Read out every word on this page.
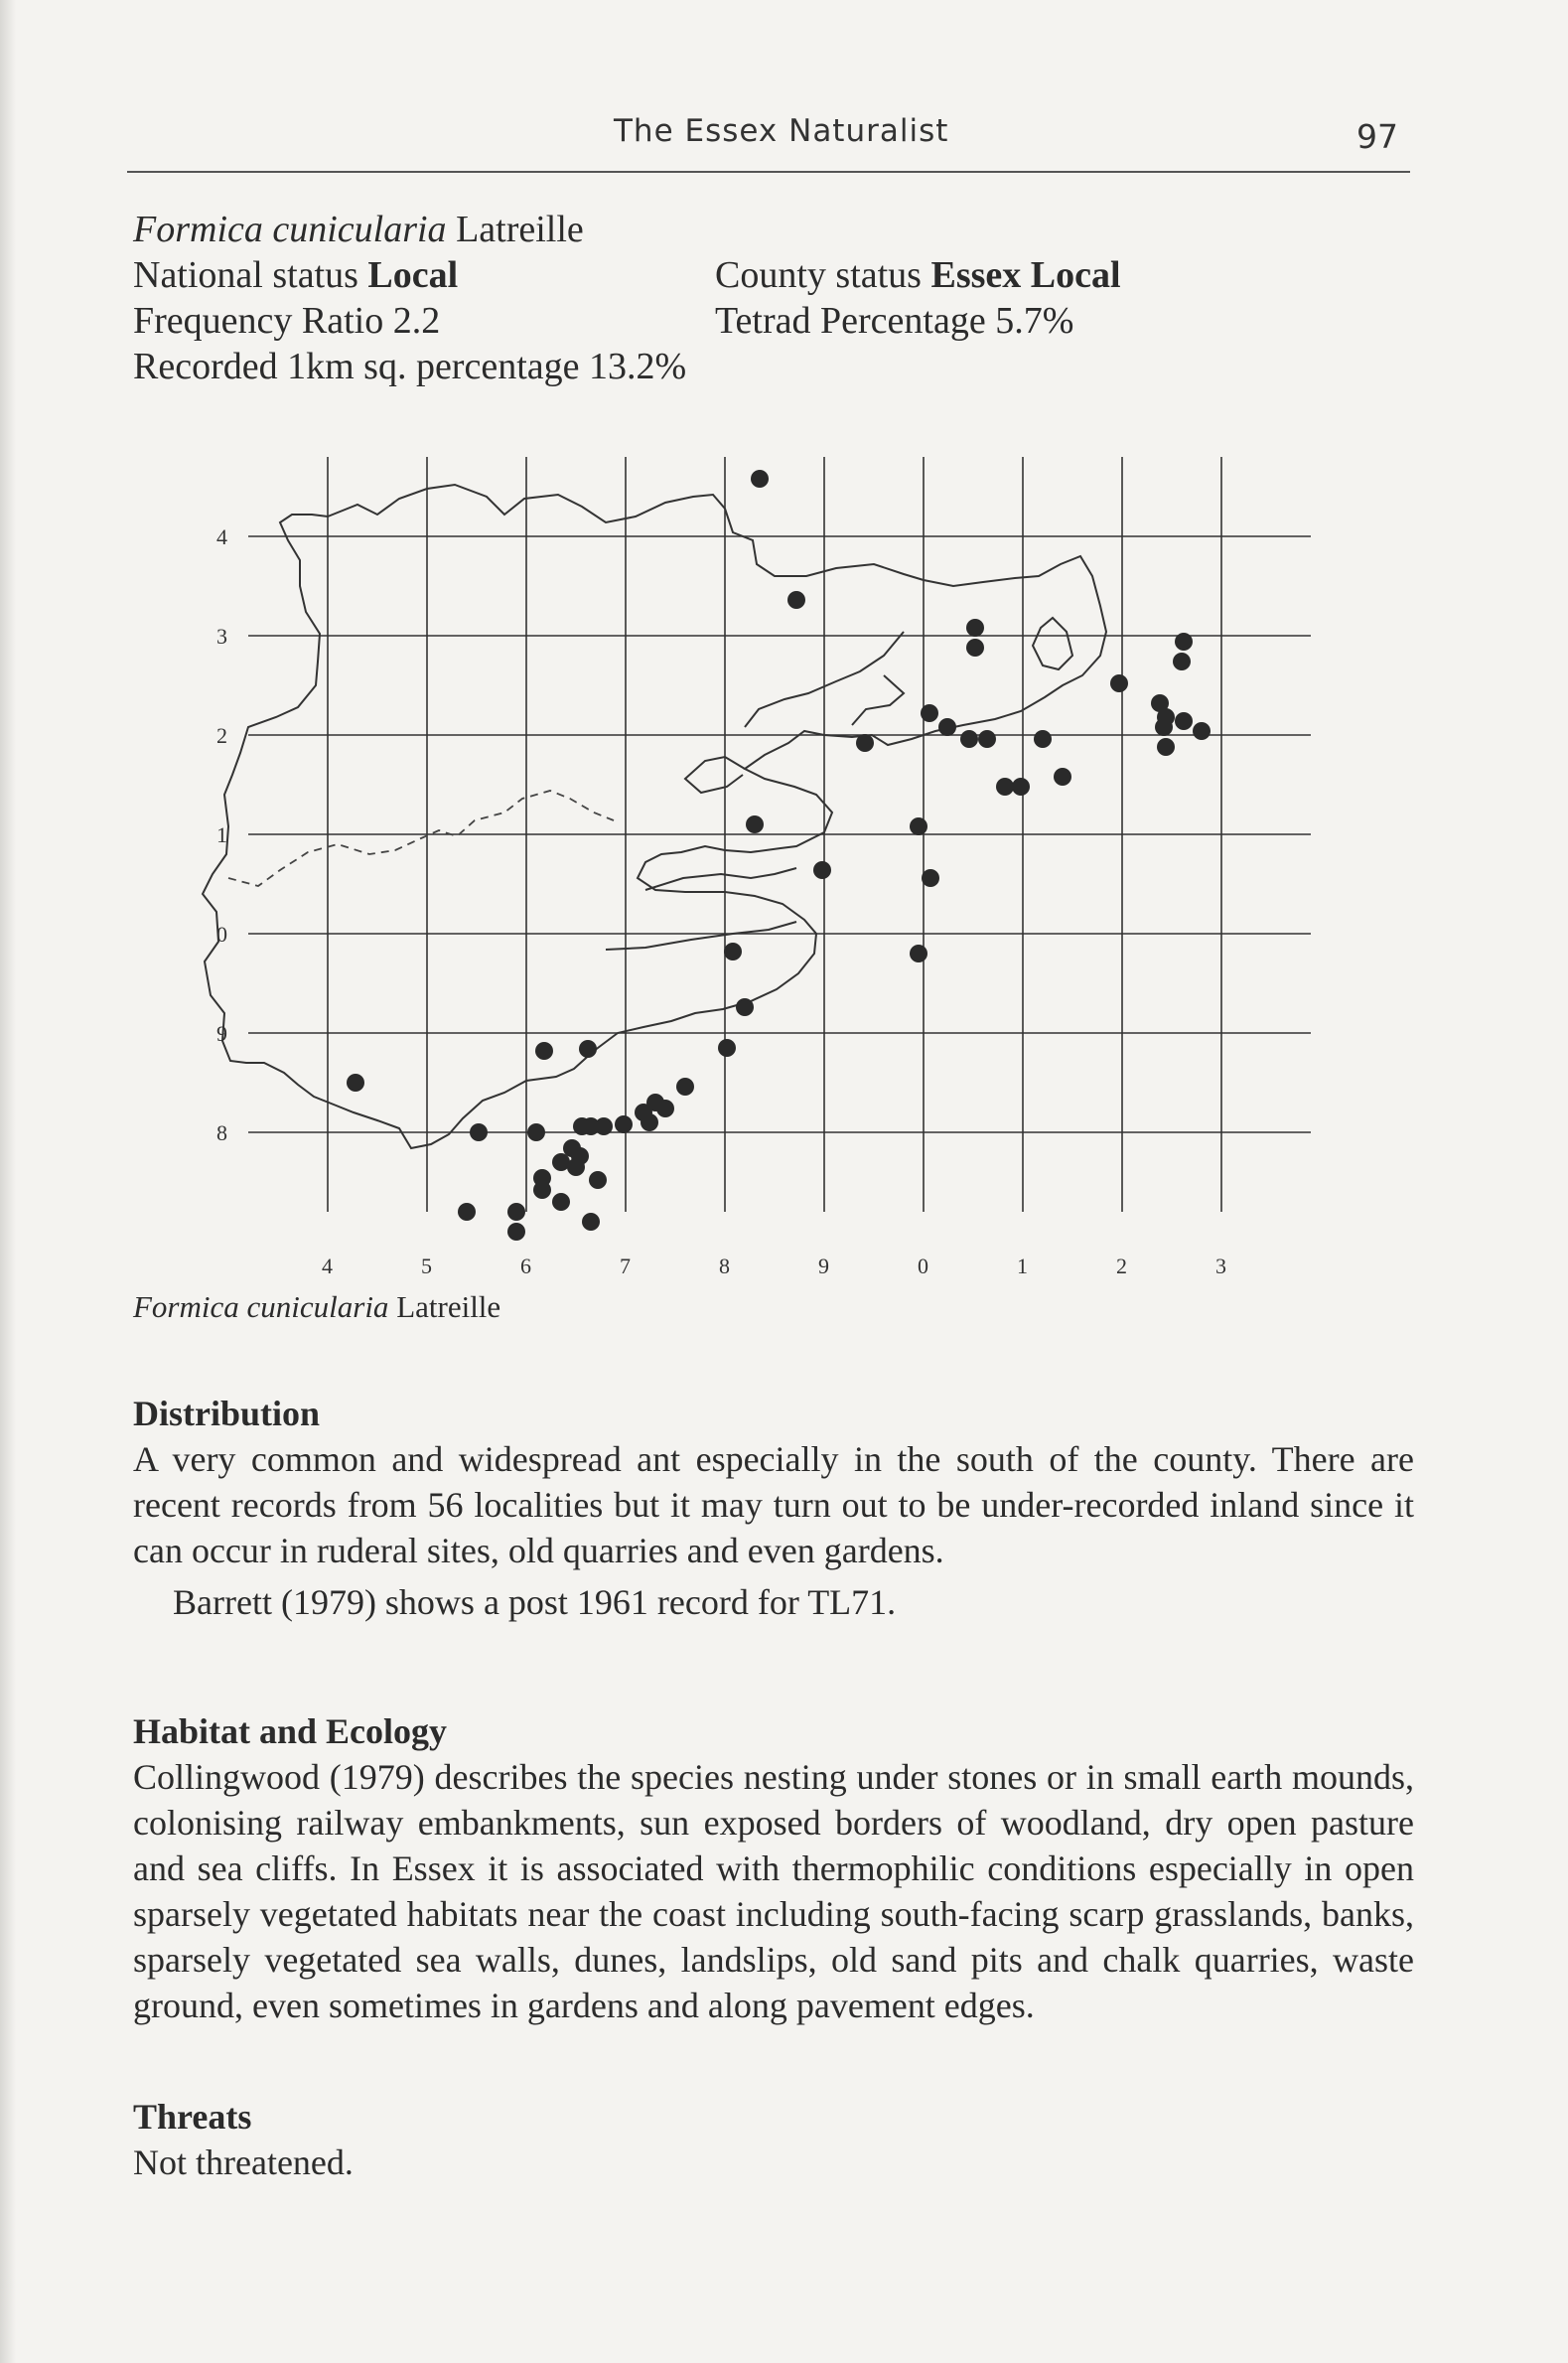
The Essex Naturalist	97
Formica cunicularia Latreille
National status Local	County status Essex Local
Frequency Ratio 2.2	Tetrad Percentage 5.7%
Recorded 1km sq. percentage 13.2%
4
3
2
1
0
9
8
4	5	6	7	8	9	0	1	2	3
Formica cunicularia Latreille
Distribution

A very common and widespread ant especially in the south of the county. There are recent records from 56 localities but it may turn out to be under-recorded inland since it can occur in ruderal sites, old quarries and even gardens.

Barrett (1979) shows a post 1961 record for TL71.

Habitat and Ecology

Collingwood (1979) describes the species nesting under stones or in small earth mounds, colonising railway embankments, sun exposed borders of woodland, dry open pasture and sea cliffs. In Essex it is associated with thermophilic conditions especially in open sparsely vegetated habitats near the coast including south-facing scarp grasslands, banks, sparsely vegetated sea walls, dunes, landslips, old sand pits and chalk quarries, waste ground, even sometimes in gardens and along pavement edges.

Threats

Not threatened.
